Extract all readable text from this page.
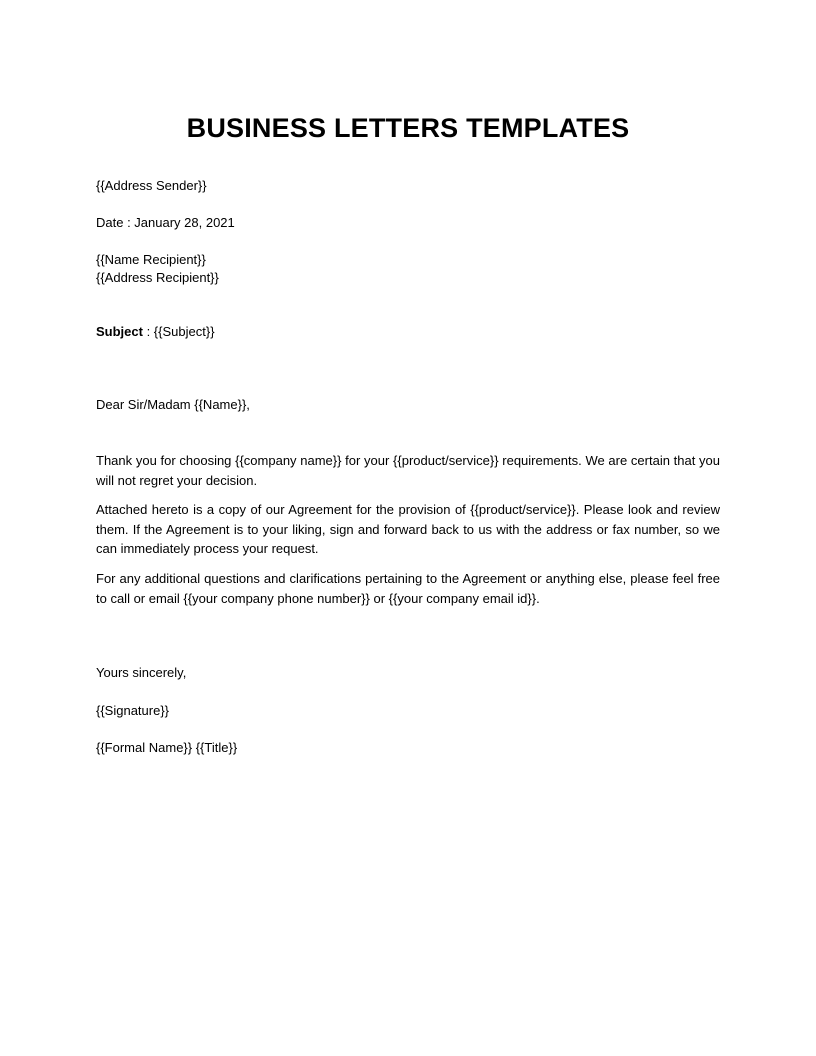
BUSINESS LETTERS TEMPLATES

{{Address Sender}}

Date : January 28, 2021

{{Name Recipient}}

{{Address Recipient}}

Subject : {{Subject}}

Dear Sir/Madam {{Name}},

Thank you for choosing {{company name}} for your {{product/service}} requirements. We are certain that you will not regret your decision.

Attached hereto is a copy of our Agreement for the provision of {{product/service}}. Please look and review them. If the Agreement is to your liking, sign and forward back to us with the address or fax number, so we can immediately process your request.

For any additional questions and clarifications pertaining to the Agreement or anything else, please feel free to call or email {{your company phone number}} or {{your company email id}}.

Yours sincerely,

{{Signature}}

{{Formal Name}} {{Title}}
